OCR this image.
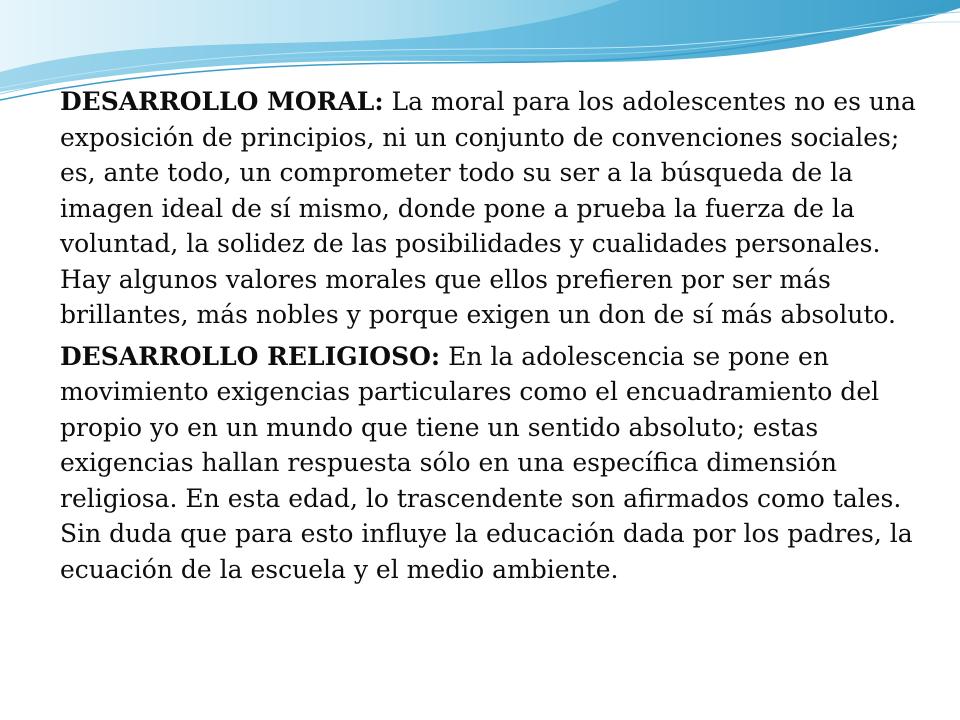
DESARROLLO MORAL: La moral para los adolescentes no es una exposición de principios, ni un conjunto de convenciones sociales; es, ante todo, un comprometer todo su ser a la búsqueda de la imagen ideal de sí mismo, donde pone a prueba la fuerza de la voluntad, la solidez de las posibilidades y cualidades personales. Hay algunos valores morales que ellos prefieren por ser más brillantes, más nobles y porque exigen un don de sí más absoluto.

DESARROLLO RELIGIOSO: En la adolescencia se pone en movimiento exigencias particulares como el encuadramiento del propio yo en un mundo que tiene un sentido absoluto; estas exigencias hallan respuesta sólo en una específica dimensión religiosa. En esta edad, lo trascendente son afirmados como tales. Sin duda que para esto influye la educación dada por los padres, la ecuación de la escuela y el medio ambiente.
